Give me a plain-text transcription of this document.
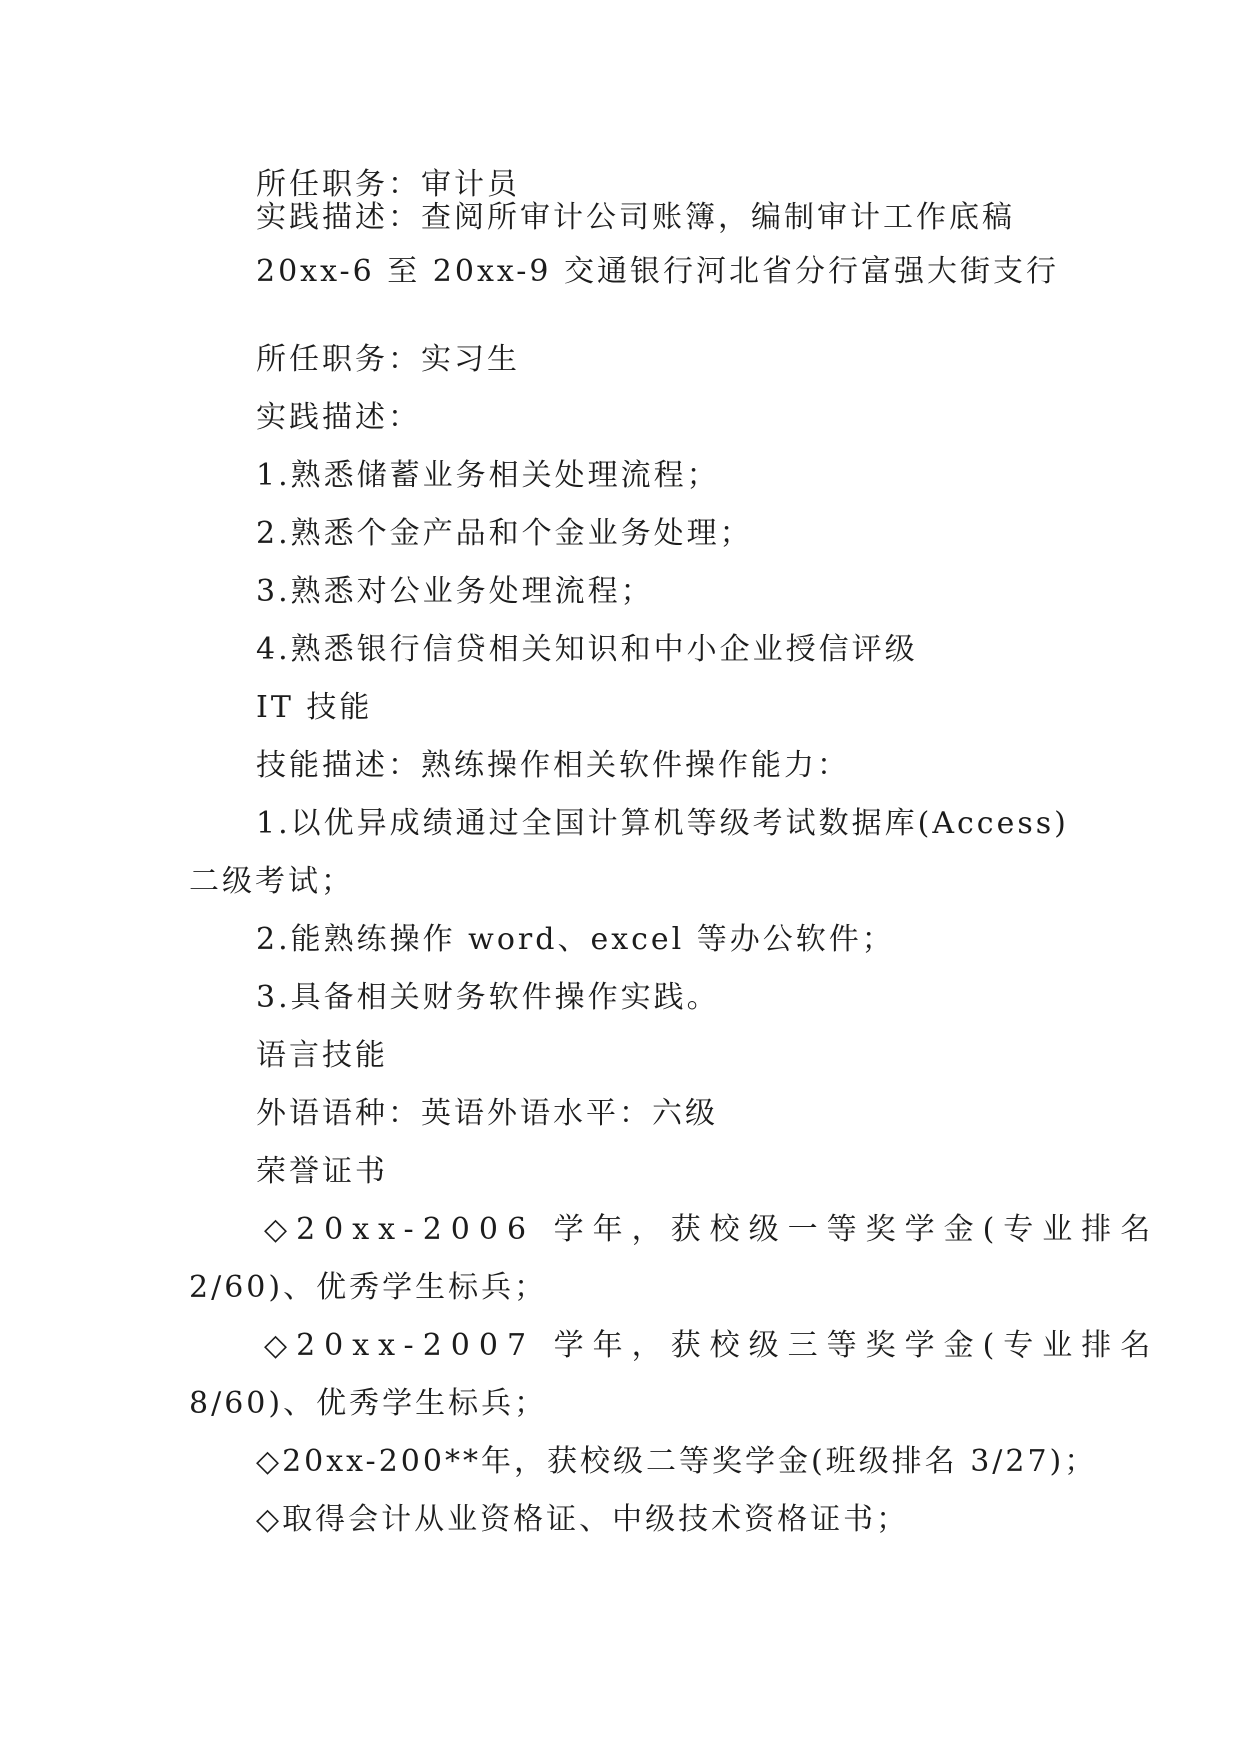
所任职务：审计员
实践描述：查阅所审计公司账簿，编制审计工作底稿
20xx-6 至 20xx-9 交通银行河北省分行富强大街支行
所任职务：实习生
实践描述：
1.熟悉储蓄业务相关处理流程；
2.熟悉个金产品和个金业务处理；
3.熟悉对公业务处理流程；
4.熟悉银行信贷相关知识和中小企业授信评级
IT 技能
技能描述：熟练操作相关软件操作能力：
1.以优异成绩通过全国计算机等级考试数据库(Access)
二级考试；
2.能熟练操作 word、excel 等办公软件；
3.具备相关财务软件操作实践。
语言技能
外语语种：英语外语水平：六级
荣誉证书
◇20xx-2006 学年，获校级一等奖学金(专业排名
2/60)、优秀学生标兵；
◇20xx-2007 学年，获校级三等奖学金(专业排名
8/60)、优秀学生标兵；
◇20xx-200**年，获校级二等奖学金(班级排名 3/27)；
◇取得会计从业资格证、中级技术资格证书；
